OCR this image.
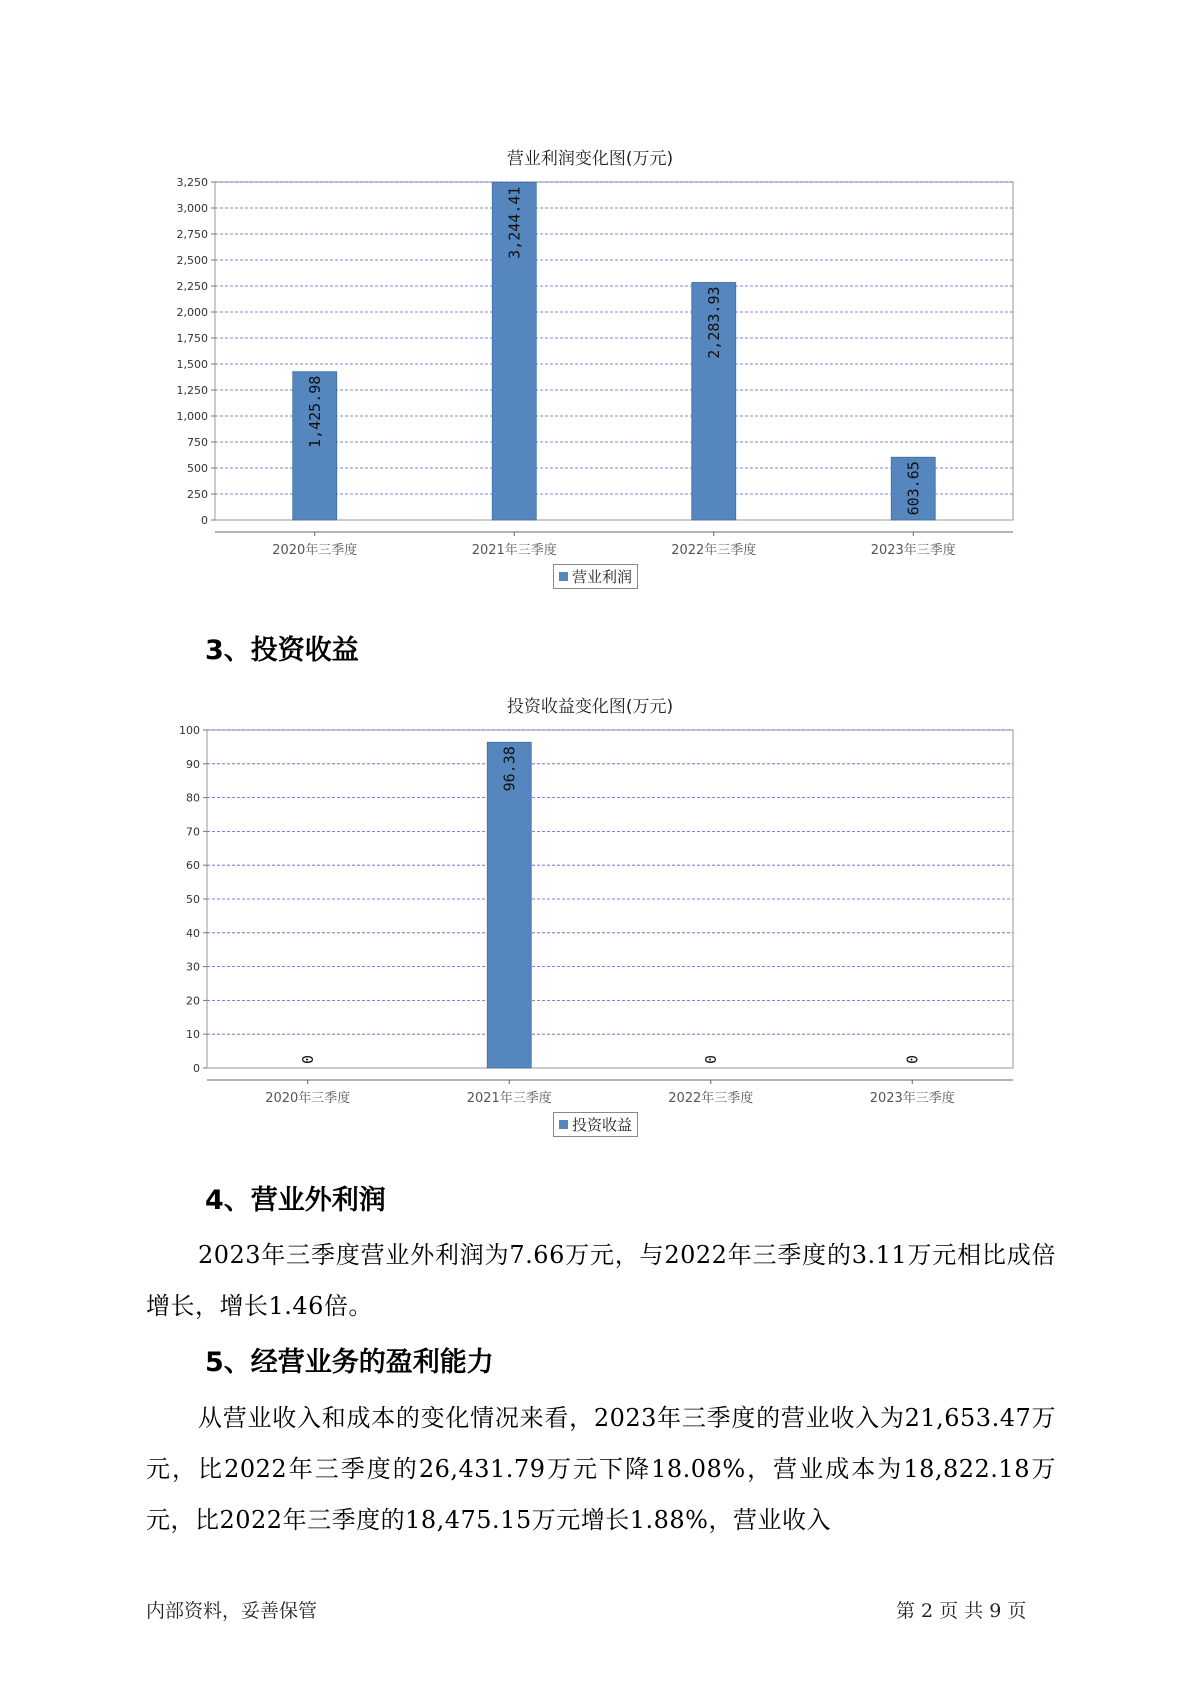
营业利润变化图(万元)
0
250
500
750
1,000
1,250
1,500
1,750
2,000
2,250
2,500
2,750
3,000
3,250
2020年三季度
1,425.98
2021年三季度
3,244.41
2022年三季度
2,283.93
2023年三季度
603.65
营业利润
3、投资收益
投资收益变化图(万元)
0
10
20
30
40
50
60
70
80
90
100
2020年三季度
0
2021年三季度
96.38
2022年三季度
0
2023年三季度
0
投资收益
4、营业外利润
2023年三季度营业外利润为7.66万元，与2022年三季度的3.11万元相比成倍增长，增长1.46倍。
5、经营业务的盈利能力
从营业收入和成本的变化情况来看，2023年三季度的营业收入为21,653.47万元，比2022年三季度的26,431.79万元下降18.08%，营业成本为18,822.18万元，比2022年三季度的18,475.15万元增长1.88%，营业收入
内部资料，妥善保管	第 2 页 共 9 页
